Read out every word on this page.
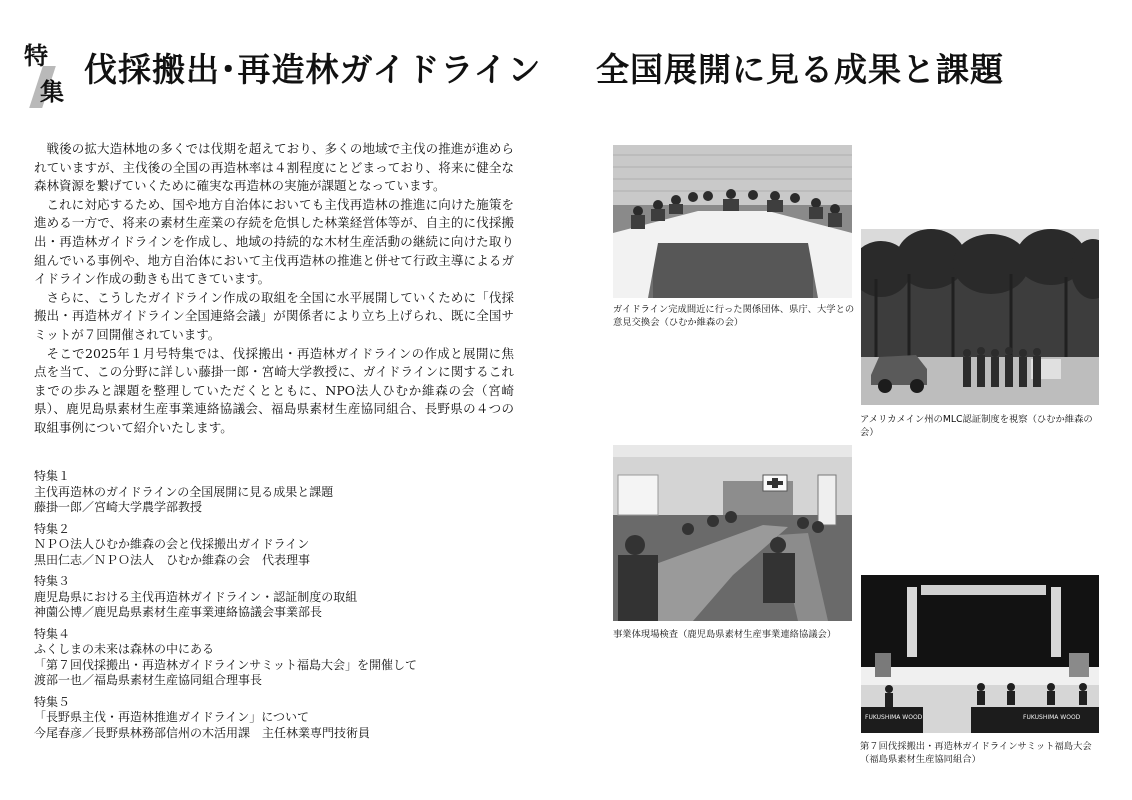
特
集
伐採搬出･再造林ガイドライン 全国展開に見る成果と課題

戦後の拡大造林地の多くでは伐期を超えており、多くの地域で主伐の推進が進められていますが、主伐後の全国の再造林率は４割程度にとどまっており、将来に健全な森林資源を繋げていくために確実な再造林の実施が課題となっています。

これに対応するため、国や地方自治体においても主伐再造林の推進に向けた施策を進める一方で、将来の素材生産業の存続を危惧した林業経営体等が、自主的に伐採搬出・再造林ガイドラインを作成し、地域の持続的な木材生産活動の継続に向けた取り組んでいる事例や、地方自治体において主伐再造林の推進と併せて行政主導によるガイドライン作成の動きも出てきています。

さらに、こうしたガイドライン作成の取組を全国に水平展開していくために「伐採搬出・再造林ガイドライン全国連絡会議」が関係者により立ち上げられ、既に全国サミットが７回開催されています。

そこで2025年１月号特集では、伐採搬出・再造林ガイドラインの作成と展開に焦点を当て、この分野に詳しい藤掛一郎・宮崎大学教授に、ガイドラインに関するこれまでの歩みと課題を整理していただくとともに、NPO法人ひむか維森の会（宮崎県）、鹿児島県素材生産事業連絡協議会、福島県素材生産協同組合、長野県の４つの取組事例について紹介いたします。

特集１
主伐再造林のガイドラインの全国展開に見る成果と課題
藤掛一郎／宮崎大学農学部教授
特集２
ＮＰＯ法人ひむか維森の会と伐採搬出ガイドライン
黒田仁志／ＮＰＯ法人　ひむか維森の会　代表理事
特集３
鹿児島県における主伐再造林ガイドライン・認証制度の取組
神薗公博／鹿児島県素材生産事業連絡協議会事業部長
特集４
ふくしまの未来は森林の中にある
「第７回伐採搬出・再造林ガイドラインサミット福島大会」を開催して
渡部一也／福島県素材生産協同組合理事長
特集５
「長野県主伐・再造林推進ガイドライン」について
今尾春彦／長野県林務部信州の木活用課　主任林業専門技術員
ガイドライン完成間近に行った関係団体、県庁、大学との意見交換会（ひむか維森の会）
アメリカメイン州のMLC認証制度を視察（ひむか維森の会）
事業体現場検査（鹿児島県素材生産事業連絡協議会）
FUKUSHIMA WOOD	FUKUSHIMA WOOD
第７回伐採搬出・再造林ガイドラインサミット福島大会（福島県素材生産協同組合）
